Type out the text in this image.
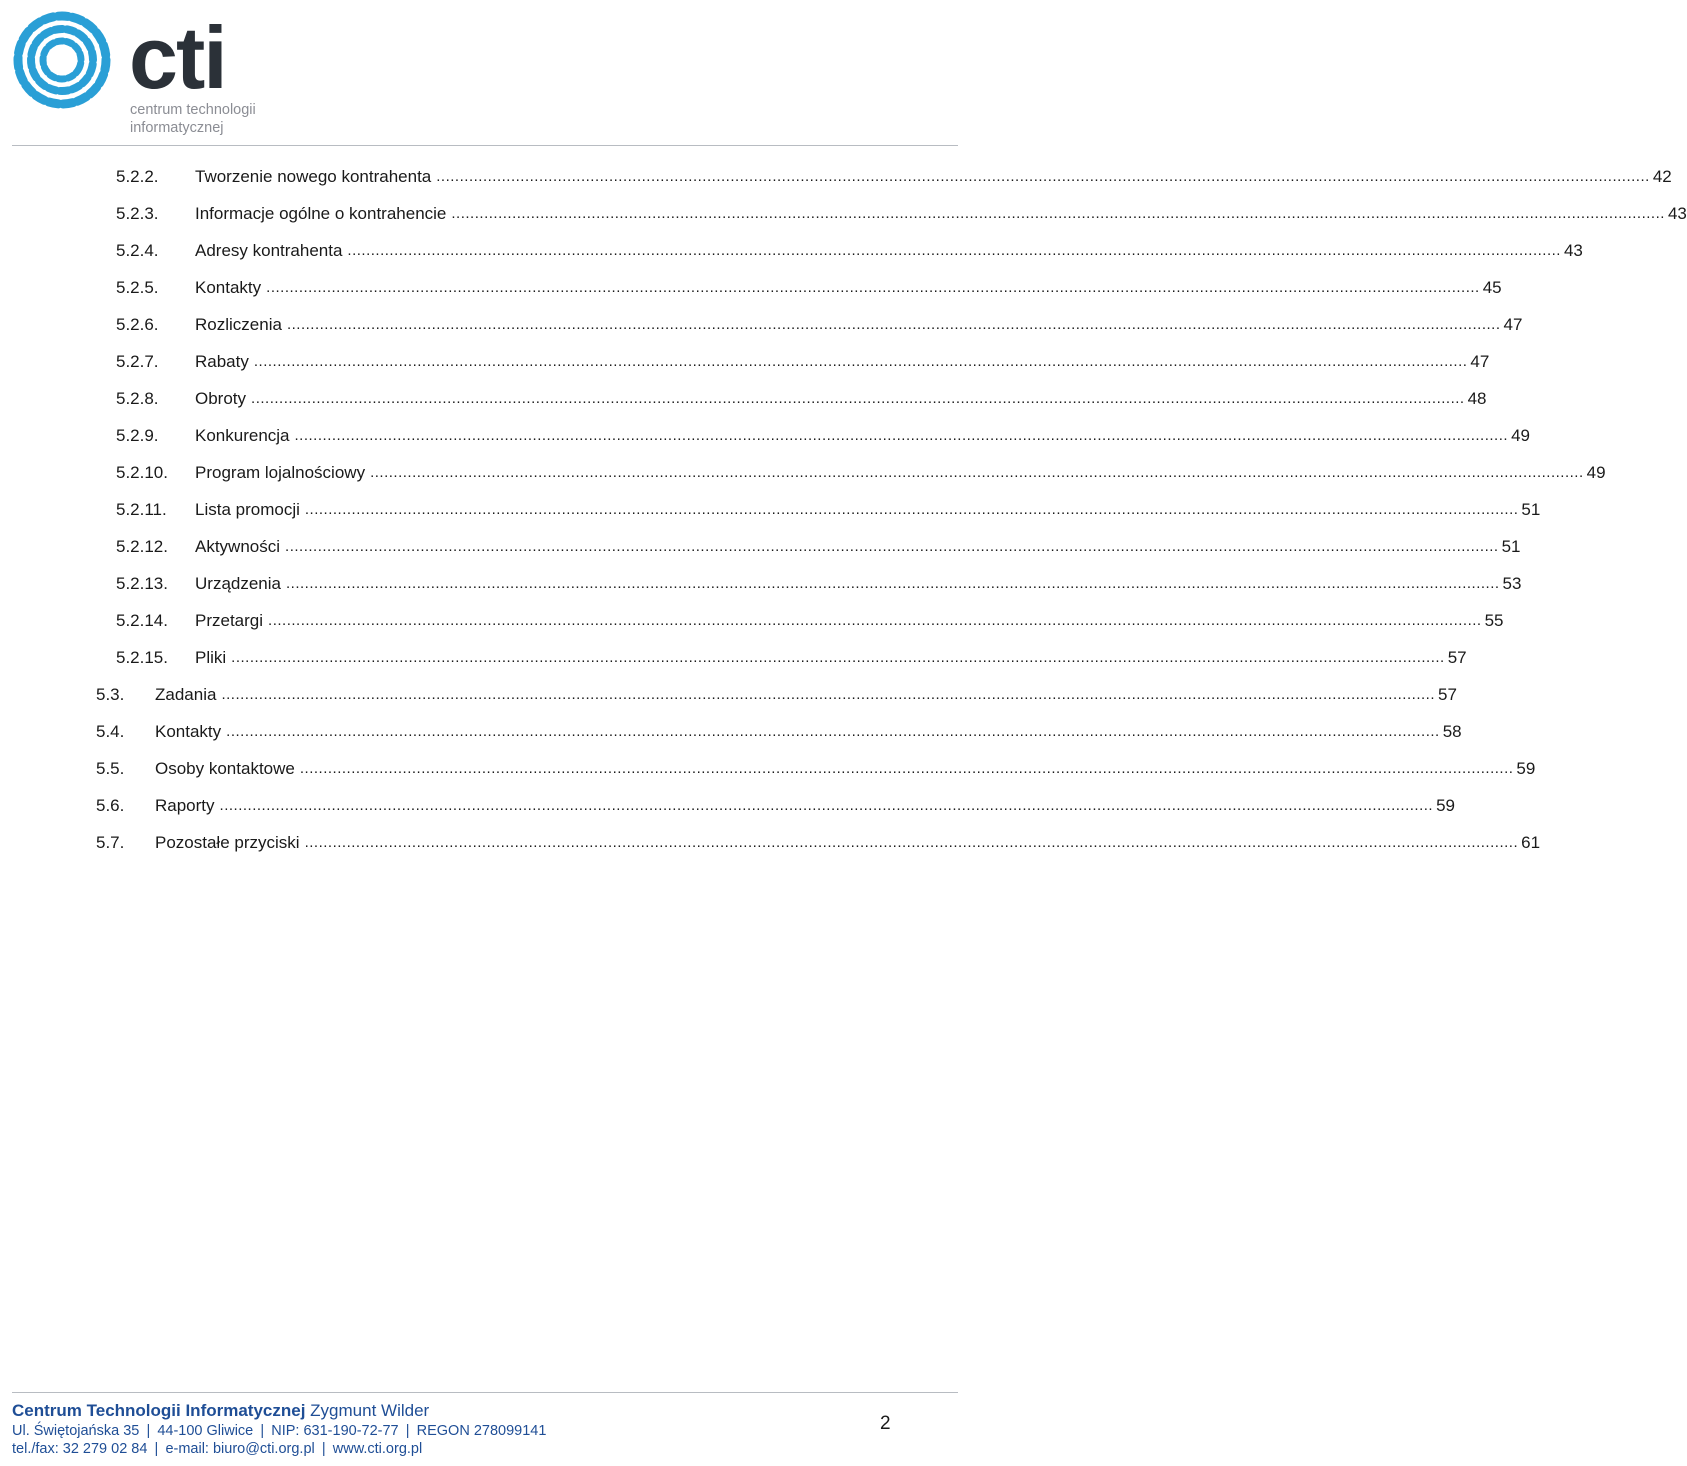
cti
centrum technologii
informatycznej
5.2.2.	Tworzenie nowego kontrahenta .................................................................................................................................................................................................................................................................... 42
5.2.3.	Informacje ogólne o kontrahencie .................................................................................................................................................................................................................................................................... 43
5.2.4.	Adresy kontrahenta .................................................................................................................................................................................................................................................................... 43
5.2.5.	Kontakty .................................................................................................................................................................................................................................................................... 45
5.2.6.	Rozliczenia .................................................................................................................................................................................................................................................................... 47
5.2.7.	Rabaty .................................................................................................................................................................................................................................................................... 47
5.2.8.	Obroty .................................................................................................................................................................................................................................................................... 48
5.2.9.	Konkurencja .................................................................................................................................................................................................................................................................... 49
5.2.10.	Program lojalnościowy .................................................................................................................................................................................................................................................................... 49
5.2.11.	Lista promocji .................................................................................................................................................................................................................................................................... 51
5.2.12.	Aktywności .................................................................................................................................................................................................................................................................... 51
5.2.13.	Urządzenia .................................................................................................................................................................................................................................................................... 53
5.2.14.	Przetargi .................................................................................................................................................................................................................................................................... 55
5.2.15.	Pliki .................................................................................................................................................................................................................................................................... 57
5.3.	Zadania .................................................................................................................................................................................................................................................................... 57
5.4.	Kontakty .................................................................................................................................................................................................................................................................... 58
5.5.	Osoby kontaktowe .................................................................................................................................................................................................................................................................... 59
5.6.	Raporty .................................................................................................................................................................................................................................................................... 59
5.7.	Pozostałe przyciski .................................................................................................................................................................................................................................................................... 61
Centrum Technologii Informatycznej Zygmunt Wilder
Ul. Świętojańska 35 | 44-100 Gliwice | NIP: 631-190-72-77 | REGON 278099141
tel./fax: 32 279 02 84 | e-mail: biuro@cti.org.pl | www.cti.org.pl
2
